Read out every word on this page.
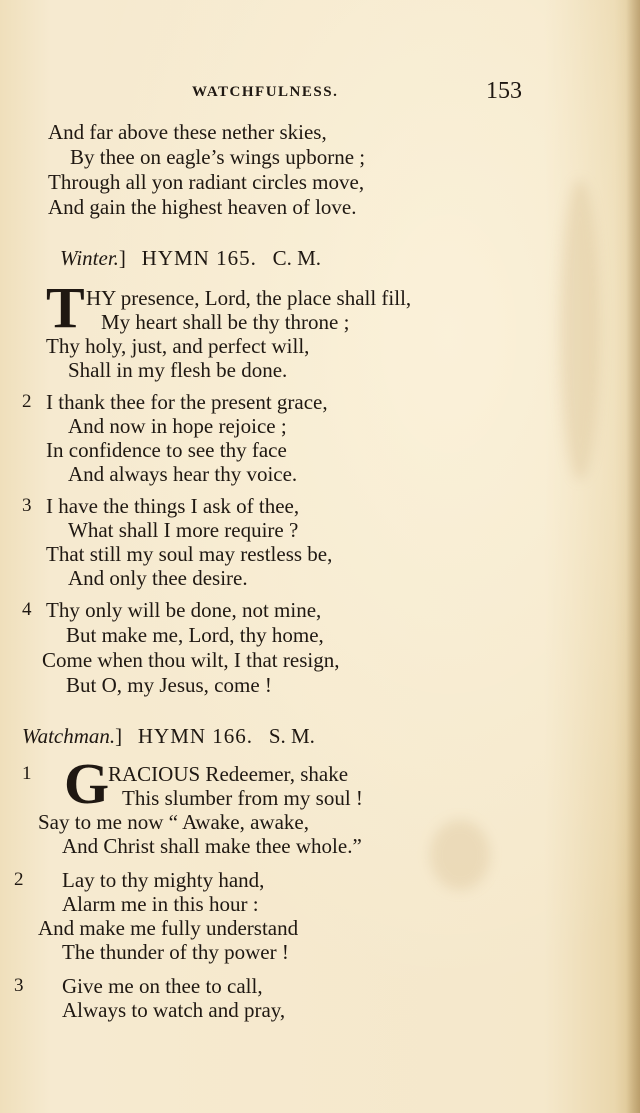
WATCHFULNESS.	153
And far above these nether skies,
By thee on eagle’s wings upborne ;
Through all yon radiant circles move,
And gain the highest heaven of love.
Winter.] HYMN 165. C. M.
T HY presence, Lord, the place shall fill,
My heart shall be thy throne ;
Thy holy, just, and perfect will,
Shall in my flesh be done.
2 I thank thee for the present grace,
And now in hope rejoice ;
In confidence to see thy face
And always hear thy voice.
3 I have the things I ask of thee,
What shall I more require ?
That still my soul may restless be,
And only thee desire.
4 Thy only will be done, not mine,
But make me, Lord, thy home,
Come when thou wilt, I that resign,
But O, my Jesus, come !
Watchman.] HYMN 166. S. M.
1 G
RACIOUS Redeemer, shake
This slumber from my soul !
Say to me now “ Awake, awake,
And Christ shall make thee whole.”
2 Lay to thy mighty hand,
Alarm me in this hour :
And make me fully understand
The thunder of thy power !
3 Give me on thee to call,
Always to watch and pray,
